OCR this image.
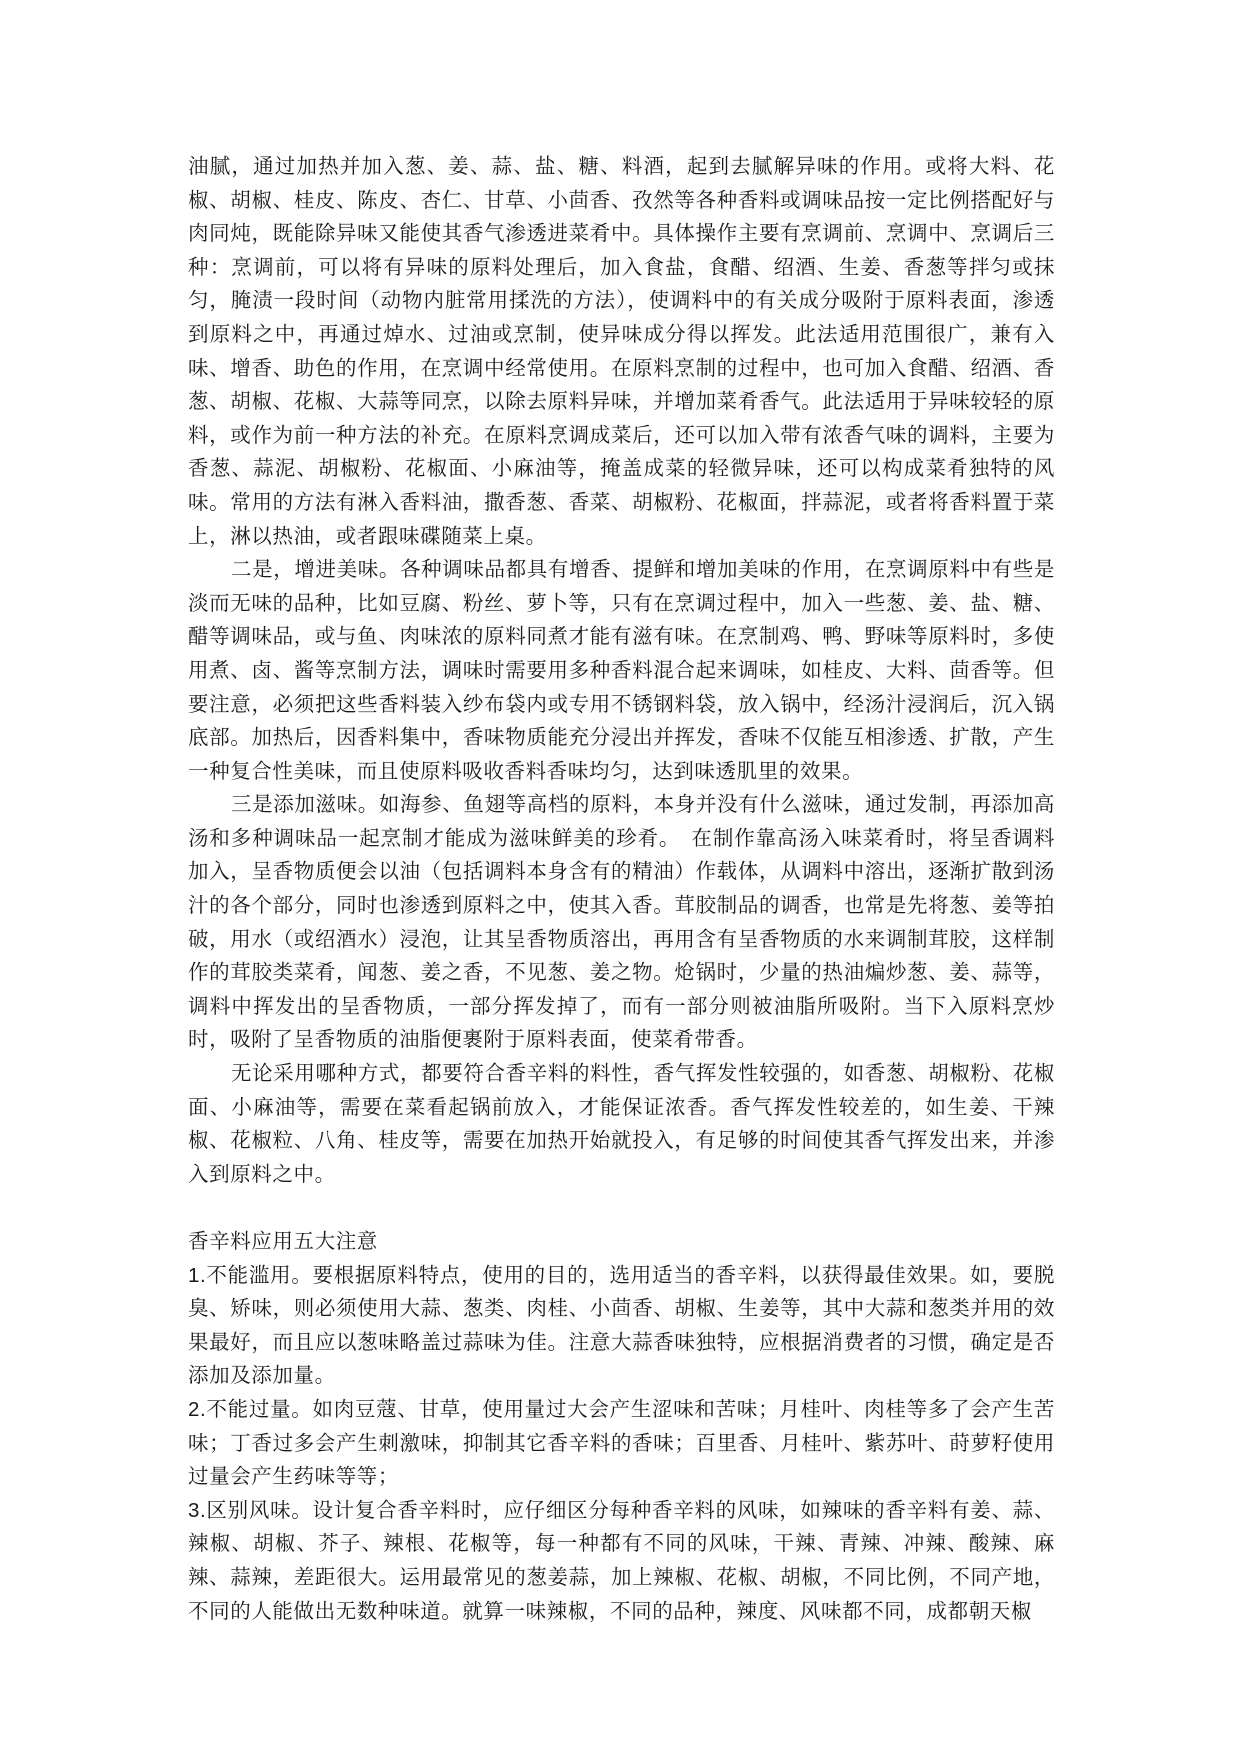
油腻，通过加热并加入葱、姜、蒜、盐、糖、料酒，起到去腻解异味的作用。或将大料、花椒、胡椒、桂皮、陈皮、杏仁、甘草、小茴香、孜然等各种香料或调味品按一定比例搭配好与肉同炖，既能除异味又能使其香气渗透进菜肴中。具体操作主要有烹调前、烹调中、烹调后三种：烹调前，可以将有异味的原料处理后，加入食盐，食醋、绍酒、生姜、香葱等拌匀或抹匀，腌渍一段时间（动物内脏常用揉洗的方法），使调料中的有关成分吸附于原料表面，渗透到原料之中，再通过焯水、过油或烹制，使异味成分得以挥发。此法适用范围很广，兼有入味、增香、助色的作用，在烹调中经常使用。在原料烹制的过程中，也可加入食醋、绍酒、香葱、胡椒、花椒、大蒜等同烹，以除去原料异味，并增加菜肴香气。此法适用于异味较轻的原料，或作为前一种方法的补充。在原料烹调成菜后，还可以加入带有浓香气味的调料，主要为香葱、蒜泥、胡椒粉、花椒面、小麻油等，掩盖成菜的轻微异味，还可以构成菜肴独特的风味。常用的方法有淋入香料油，撒香葱、香菜、胡椒粉、花椒面，拌蒜泥，或者将香料置于菜上，淋以热油，或者跟味碟随菜上桌。

二是，增进美味。各种调味品都具有增香、提鲜和增加美味的作用，在烹调原料中有些是淡而无味的品种，比如豆腐、粉丝、萝卜等，只有在烹调过程中，加入一些葱、姜、盐、糖、醋等调味品，或与鱼、肉味浓的原料同煮才能有滋有味。在烹制鸡、鸭、野味等原料时，多使用煮、卤、酱等烹制方法，调味时需要用多种香料混合起来调味，如桂皮、大料、茴香等。但要注意，必须把这些香料装入纱布袋内或专用不锈钢料袋，放入锅中，经汤汁浸润后，沉入锅底部。加热后，因香料集中，香味物质能充分浸出并挥发，香味不仅能互相渗透、扩散，产生一种复合性美味，而且使原料吸收香料香味均匀，达到味透肌里的效果。

三是添加滋味。如海参、鱼翅等高档的原料，本身并没有什么滋味，通过发制，再添加高汤和多种调味品一起烹制才能成为滋味鲜美的珍肴。　在制作靠高汤入味菜肴时，将呈香调料加入，呈香物质便会以油（包括调料本身含有的精油）作载体，从调料中溶出，逐渐扩散到汤汁的各个部分，同时也渗透到原料之中，使其入香。茸胶制品的调香，也常是先将葱、姜等拍破，用水（或绍酒水）浸泡，让其呈香物质溶出，再用含有呈香物质的水来调制茸胶，这样制作的茸胶类菜肴，闻葱、姜之香，不见葱、姜之物。炝锅时，少量的热油煸炒葱、姜、蒜等，调料中挥发出的呈香物质，一部分挥发掉了，而有一部分则被油脂所吸附。当下入原料烹炒时，吸附了呈香物质的油脂便裹附于原料表面，使菜肴带香。

无论采用哪种方式，都要符合香辛料的料性，香气挥发性较强的，如香葱、胡椒粉、花椒面、小麻油等，需要在菜看起锅前放入，才能保证浓香。香气挥发性较差的，如生姜、干辣椒、花椒粒、八角、桂皮等，需要在加热开始就投入，有足够的时间使其香气挥发出来，并渗入到原料之中。

香辛料应用五大注意

1.不能滥用。要根据原料特点，使用的目的，选用适当的香辛料，以获得最佳效果。如，要脱臭、矫味，则必须使用大蒜、葱类、肉桂、小茴香、胡椒、生姜等，其中大蒜和葱类并用的效果最好，而且应以葱味略盖过蒜味为佳。注意大蒜香味独特，应根据消费者的习惯，确定是否添加及添加量。

2.不能过量。如肉豆蔻、甘草，使用量过大会产生涩味和苦味；月桂叶、肉桂等多了会产生苦味；丁香过多会产生刺激味，抑制其它香辛料的香味；百里香、月桂叶、紫苏叶、莳萝籽使用过量会产生药味等等；

3.区别风味。设计复合香辛料时，应仔细区分每种香辛料的风味，如辣味的香辛料有姜、蒜、辣椒、胡椒、芥子、辣根、花椒等，每一种都有不同的风味，干辣、青辣、冲辣、酸辣、麻辣、蒜辣，差距很大。运用最常见的葱姜蒜，加上辣椒、花椒、胡椒，不同比例，不同产地，不同的人能做出无数种味道。就算一味辣椒，不同的品种，辣度、风味都不同，成都朝天椒
